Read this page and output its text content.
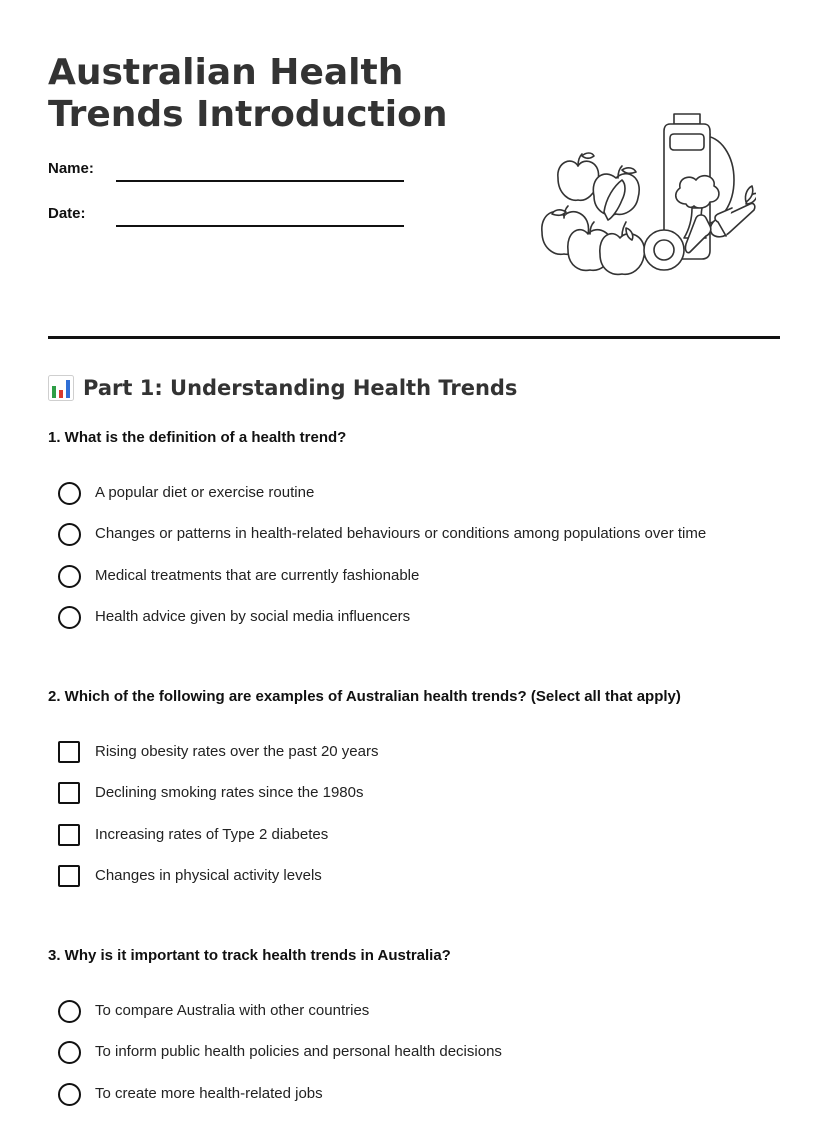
Australian Health
Trends Introduction
Name:
Date:
Part 1: Understanding Health Trends
1. What is the definition of a health trend?
A popular diet or exercise routine
Changes or patterns in health-related behaviours or conditions among populations over time
Medical treatments that are currently fashionable
Health advice given by social media influencers
2. Which of the following are examples of Australian health trends? (Select all that apply)
Rising obesity rates over the past 20 years
Declining smoking rates since the 1980s
Increasing rates of Type 2 diabetes
Changes in physical activity levels
3. Why is it important to track health trends in Australia?
To compare Australia with other countries
To inform public health policies and personal health decisions
To create more health-related jobs
